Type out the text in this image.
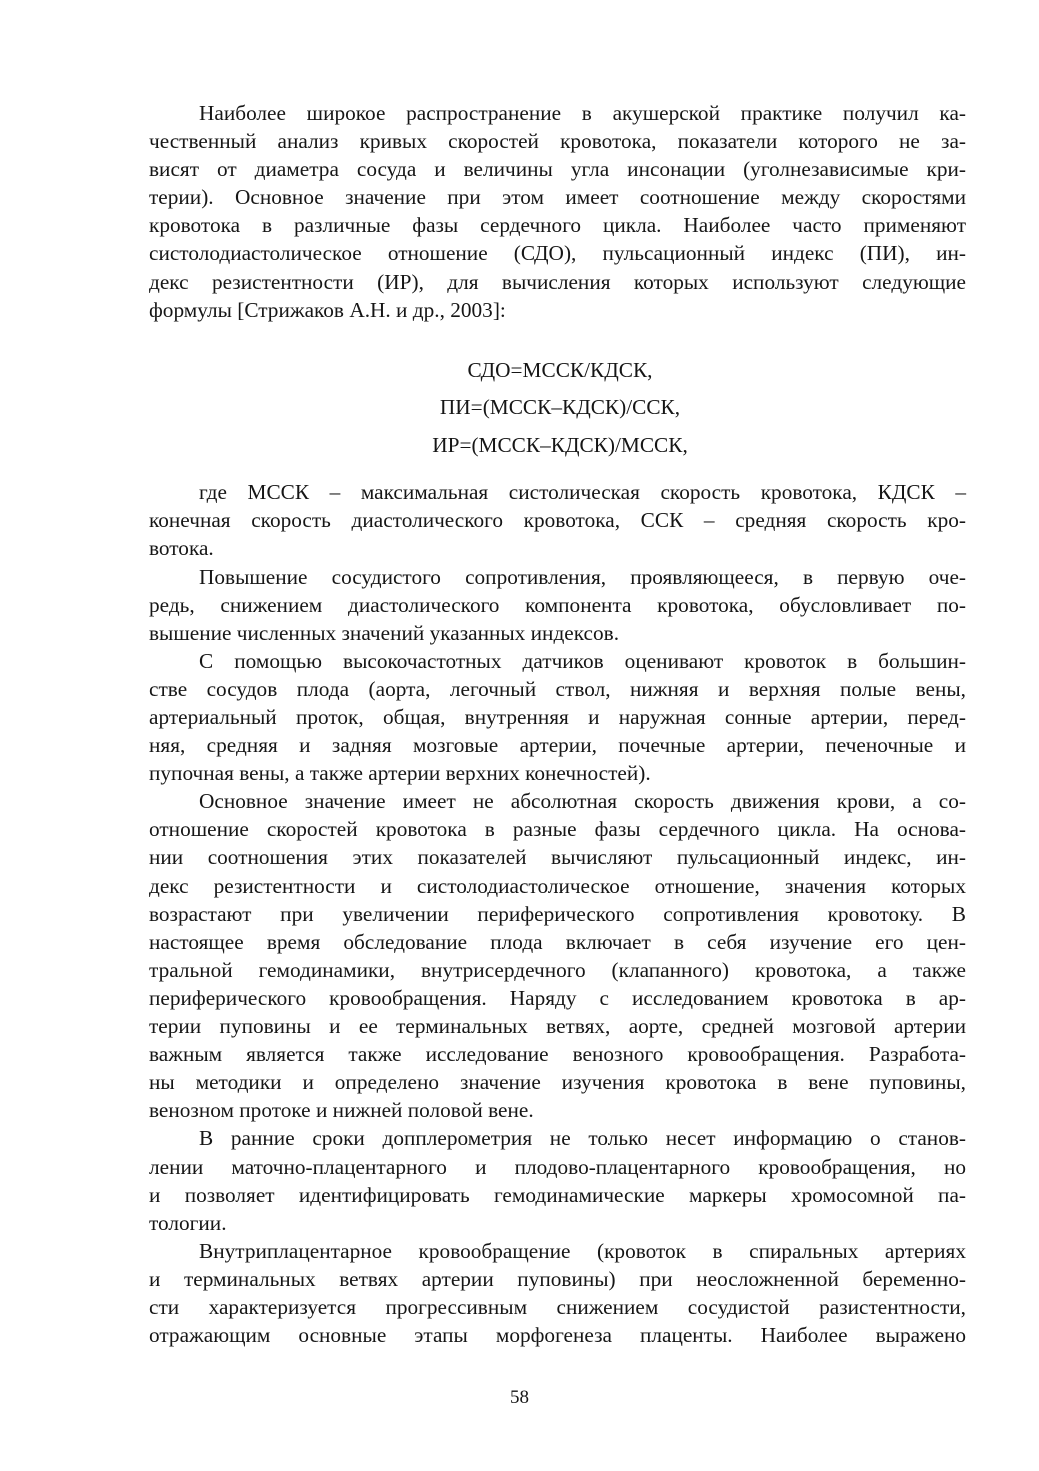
Наиболее широкое распространение в акушерской практике получил ка-
чественный анализ кривых скоростей кровотока, показатели которого не за-
висят от диаметра сосуда и величины угла инсонации (уголнезависимые кри-
терии). Основное значение при этом имеет соотношение между скоростями
кровотока в различные фазы сердечного цикла. Наиболее часто применяют
систолодиастолическое отношение (СДО), пульсационный индекс (ПИ), ин-
декс резистентности (ИР), для вычисления которых используют следующие
формулы [Стрижаков А.Н. и др., 2003]:
СДО=МССК/КДСК,
ПИ=(МССК–КДСК)/ССК,
ИР=(МССК–КДСК)/МССК,
где МССК – максимальная систолическая скорость кровотока, КДСК –
конечная скорость диастолического кровотока, ССК – средняя скорость кро-
вотока.
Повышение сосудистого сопротивления, проявляющееся, в первую оче-
редь, снижением диастолического компонента кровотока, обусловливает по-
вышение численных значений указанных индексов.
С помощью высокочастотных датчиков оценивают кровоток в большин-
стве сосудов плода (аорта, легочный ствол, нижняя и верхняя полые вены,
артериальный проток, общая, внутренняя и наружная сонные артерии, перед-
няя, средняя и задняя мозговые артерии, почечные артерии, печеночные и
пупочная вены, а также артерии верхних конечностей).
Основное значение имеет не абсолютная скорость движения крови, а со-
отношение скоростей кровотока в разные фазы сердечного цикла. На основа-
нии соотношения этих показателей вычисляют пульсационный индекс, ин-
декс резистентности и систолодиастолическое отношение, значения которых
возрастают при увеличении периферического сопротивления кровотоку. В
настоящее время обследование плода включает в себя изучение его цен-
тральной гемодинамики, внутрисердечного (клапанного) кровотока, а также
периферического кровообращения. Наряду с исследованием кровотока в ар-
терии пуповины и ее терминальных ветвях, аорте, средней мозговой артерии
важным является также исследование венозного кровообращения. Разработа-
ны методики и определено значение изучения кровотока в вене пуповины,
венозном протоке и нижней половой вене.
В ранние сроки допплерометрия не только несет информацию о станов-
лении маточно-плацентарного и плодово-плацентарного кровообращения, но
и позволяет идентифицировать гемодинамические маркеры хромосомной па-
тологии.
Внутриплацентарное кровообращение (кровоток в спиральных артериях
и терминальных ветвях артерии пуповины) при неосложненной беременно-
сти характеризуется прогрессивным снижением сосудистой разистентности,
отражающим основные этапы морфогенеза плаценты. Наиболее выражено
58
